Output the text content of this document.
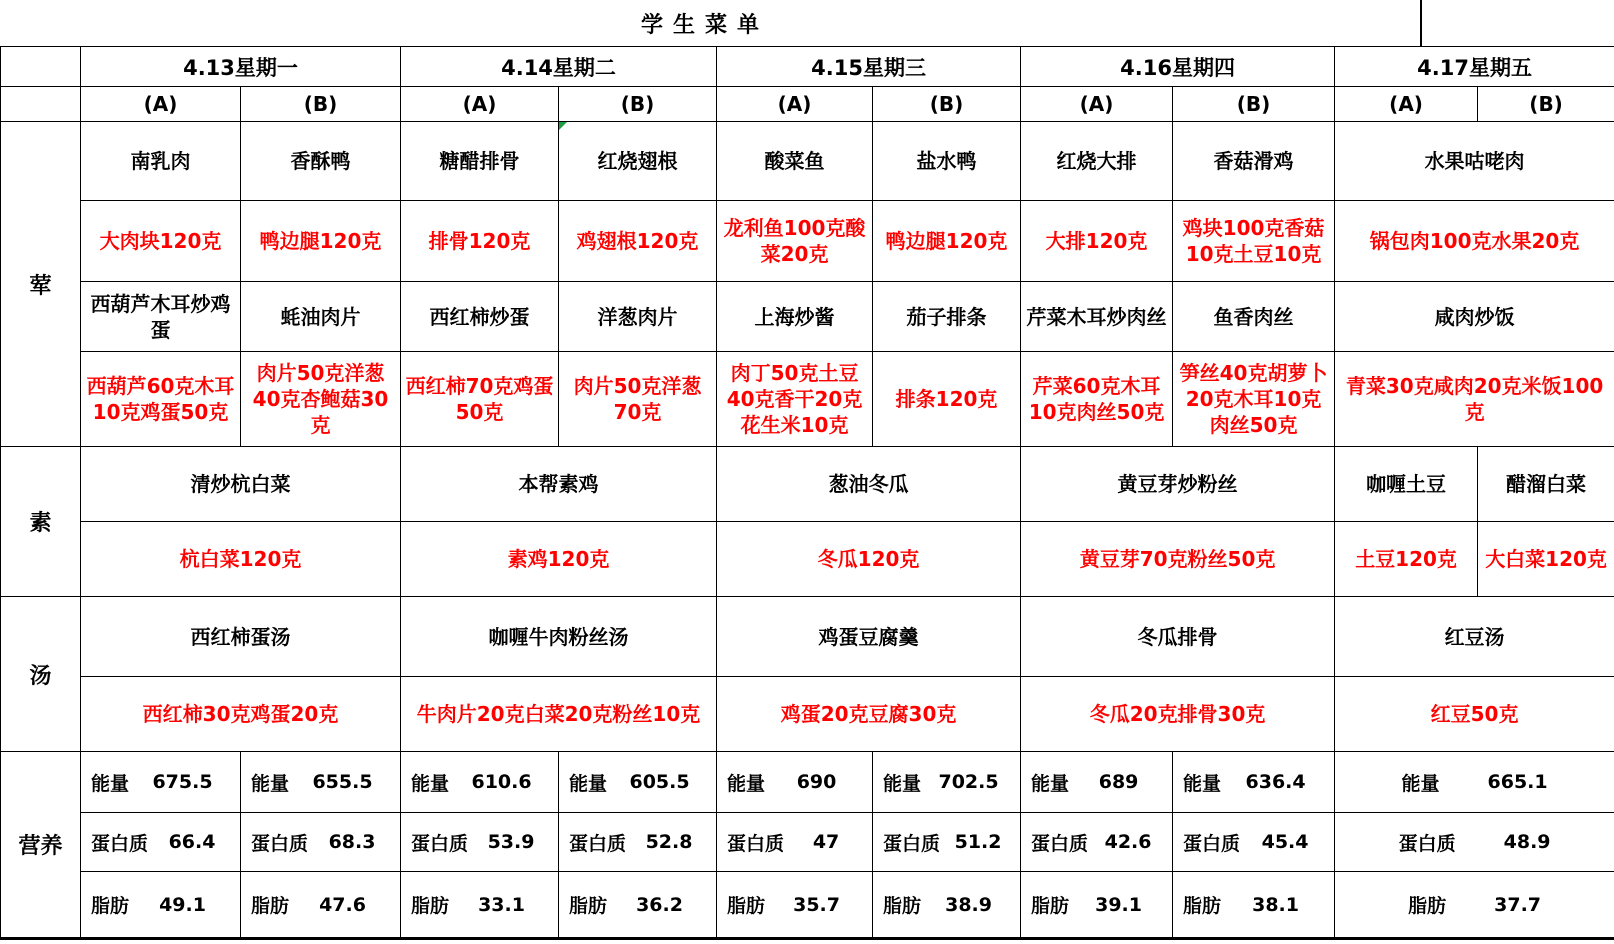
学生菜单
	4.13星期一		4.14星期二		4.15星期三		4.16星期四		4.17星期五	
	(A)	(B)	(A)	(B)	(A)	(B)	(A)	(B)	(A)	(B)
荤	南乳肉	香酥鸭	糖醋排骨	红烧翅根	酸菜鱼	盐水鸭	红烧大排	香菇滑鸡	水果咕咾肉	
	大肉块120克	鸭边腿120克	排骨120克	鸡翅根120克	龙利鱼100克酸菜20克	鸭边腿120克	大排120克	鸡块100克香菇10克土豆10克	锅包肉100克水果20克	
	西葫芦木耳炒鸡蛋	蚝油肉片	西红柿炒蛋	洋葱肉片	上海炒酱	茄子排条	芹菜木耳炒肉丝	鱼香肉丝	咸肉炒饭	
	西葫芦60克木耳10克鸡蛋50克	肉片50克洋葱40克杏鲍菇30克	西红柿70克鸡蛋50克	肉片50克洋葱70克	肉丁50克土豆40克香干20克花生米10克	排条120克	芹菜60克木耳10克肉丝50克	笋丝40克胡萝卜20克木耳10克肉丝50克	青菜30克咸肉20克米饭100克	
素	清炒杭白菜		本帮素鸡		葱油冬瓜		黄豆芽炒粉丝		咖喱土豆	醋溜白菜
	杭白菜120克		素鸡120克		冬瓜120克		黄豆芽70克粉丝50克		土豆120克	大白菜120克
汤	西红柿蛋汤		咖喱牛肉粉丝汤		鸡蛋豆腐羹		冬瓜排骨		红豆汤	
	西红柿30克鸡蛋20克		牛肉片20克白菜20克粉丝10克		鸡蛋20克豆腐30克		冬瓜20克排骨30克		红豆50克	
营养	能量 675.5	能量 655.5	能量 610.6	能量 605.5	能量 690	能量 702.5	能量 689	能量 636.4	能量 665.1	

	蛋白质 66.4	蛋白质 68.3	蛋白质 53.9	蛋白质 52.8	蛋白质 47	蛋白质 51.2	蛋白质 42.6	蛋白质 45.4	蛋白质 48.9	

	脂肪 49.1	脂肪 47.6	脂肪 33.1	脂肪 36.2	脂肪 35.7	脂肪 38.9	脂肪 39.1	脂肪 38.1	脂肪 37.7	
